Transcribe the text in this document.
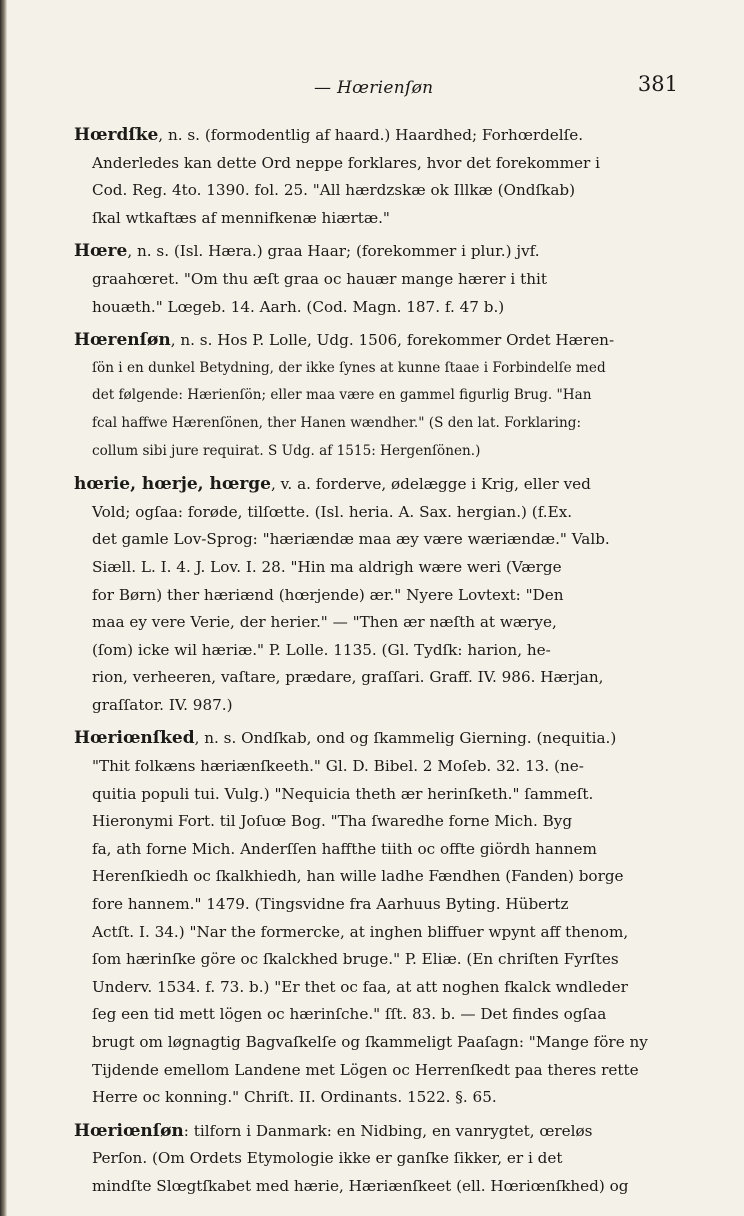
— Hœrienſøn	381
Hœrdſke, n. s. (formodentlig af haard.) Haardhed; Forhœrdelſe.
Anderledes kan dette Ord neppe forklares, hvor det forekommer i
Cod. Reg. 4to. 1390. fol. 25. "All hærdzskæ ok Illkæ (Ondſkab)
ſkal wtkaftæs af mennifkenæ hiærtæ."
Hœre, n. s. (Isl. Hæra.) graa Haar; (forekommer i plur.) jvf.
graahœret. "Om thu æſt graa oc hauær mange hærer i thit
houæth." Lœgeb. 14. Aarh. (Cod. Magn. 187. f. 47 b.)
Hœrenſøn, n. s. Hos P. Lolle, Udg. 1506, forekommer Ordet Hæren-
ſön i en dunkel Betydning, der ikke ſynes at kunne ſtaae i Forbindelſe med
det følgende: Hærienſön; eller maa være en gammel figurlig Brug. "Han
fcal haffwe Hærenſönen, ther Hanen wændher." (S den lat. Forklaring:
collum sibi jure requirat. S Udg. af 1515: Hergenſönen.)
hœrie, hœrje, hœrge, v. a. forderve, ødelægge i Krig, eller ved
Vold; ogſaa: forøde, tilſœtte. (Isl. heria. A. Sax. hergian.) (f.Ex.
det gamle Lov-Sprog: "hæriændæ maa æy være wæriændæ." Valb.
Siæll. L. I. 4. J. Lov. I. 28. "Hin ma aldrigh wære weri (Værge
for Børn) ther hæriænd (hœrjende) ær." Nyere Lovtext: "Den
maa ey vere Verie, der herier." — "Then ær næſth at wærye,
(ſom) icke wil hæriæ." P. Lolle. 1135. (Gl. Tydſk: harion, he-
rion, verheeren, vaſtare, prædare, graſſari. Graff. IV. 986. Hærjan,
graſſator. IV. 987.)
Hœriœnſked, n. s. Ondſkab, ond og ſkammelig Gierning. (nequitia.)
"Thit folkæns hæriænſkeeth." Gl. D. Bibel. 2 Moſeb. 32. 13. (ne-
quitia populi tui. Vulg.) "Nequicia theth ær herinſketh." ſammeſt.
Hieronymi Fort. til Joſuœ Bog. "Tha ſwaredhe forne Mich. Byg
fa, ath forne Mich. Anderſſen haffthe tiith oc offte giördh hannem
Herenſkiedh oc ſkalkhiedh, han wille ladhe Fændhen (Fanden) borge
fore hannem." 1479. (Tingsvidne fra Aarhuus Byting. Hübertz
Actſt. I. 34.) "Nar the formercke, at inghen bliffuer wpynt aff thenom,
ſom hærinſke göre oc ſkalckhed bruge." P. Eliæ. (En chriſten Fyrſtes
Underv. 1534. f. 73. b.) "Er thet oc faa, at att noghen fkalck wndleder
ſeg een tid mett lögen oc hærinſche." ſſt. 83. b. — Det findes ogſaa
brugt om løgnagtig Bagvaſkelſe og ſkammeligt Paaſagn: "Mange före ny
Tijdende emellom Landene met Lögen oc Herrenſkedt paa theres rette
Herre oc konning." Chriſt. II. Ordinants. 1522. §. 65.
Hœriœnſøn: tilforn i Danmark: en Nidbing, en vanrygtet, œreløs
Perſon. (Om Ordets Etymologie ikke er ganſke ſikker, er i det
mindſte Slœgtſkabet med hærie, Hæriænſkeet (ell. Hœriœnſkhed) og
